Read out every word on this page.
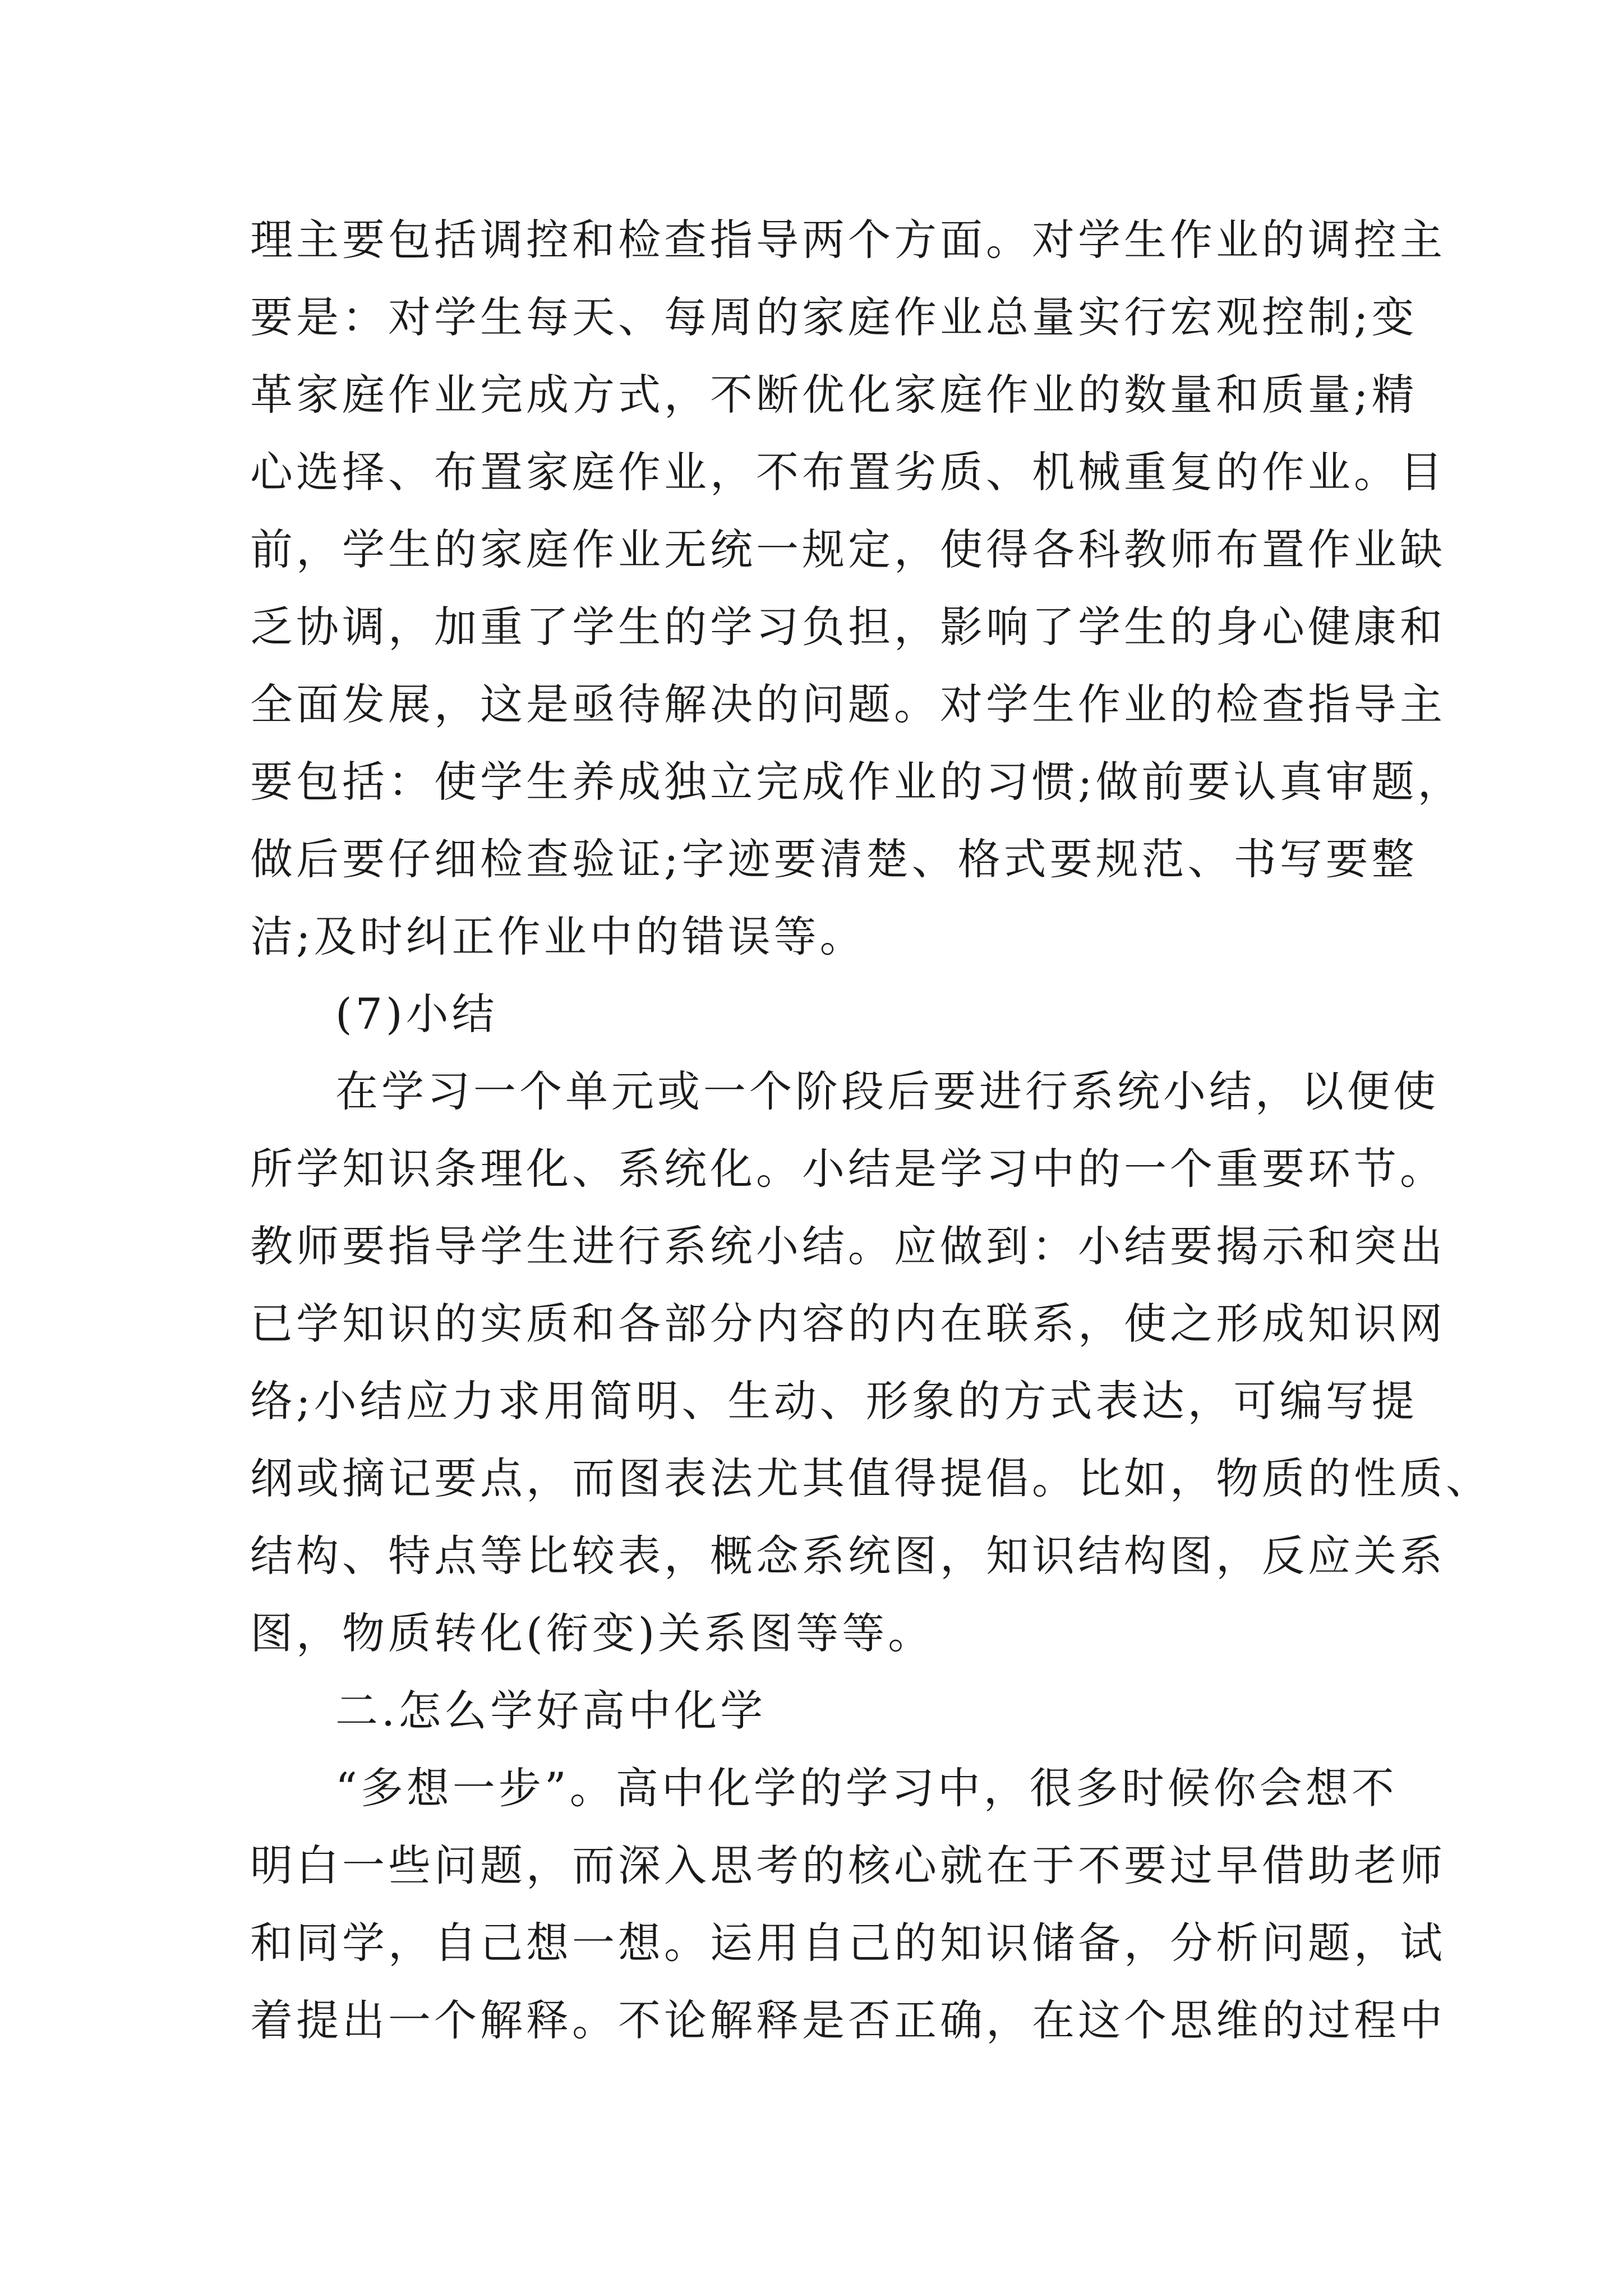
理主要包括调控和检查指导两个方面。对学生作业的调控主
要是：对学生每天、每周的家庭作业总量实行宏观控制;变
革家庭作业完成方式，不断优化家庭作业的数量和质量;精
心选择、布置家庭作业，不布置劣质、机械重复的作业。目
前，学生的家庭作业无统一规定，使得各科教师布置作业缺
乏协调，加重了学生的学习负担，影响了学生的身心健康和
全面发展，这是亟待解决的问题。对学生作业的检查指导主
要包括：使学生养成独立完成作业的习惯;做前要认真审题，
做后要仔细检查验证;字迹要清楚、格式要规范、书写要整
洁;及时纠正作业中的错误等。
(7)小结
在学习一个单元或一个阶段后要进行系统小结，以便使
所学知识条理化、系统化。小结是学习中的一个重要环节。
教师要指导学生进行系统小结。应做到：小结要揭示和突出
已学知识的实质和各部分内容的内在联系，使之形成知识网
络;小结应力求用简明、生动、形象的方式表达，可编写提
纲或摘记要点，而图表法尤其值得提倡。比如，物质的性质、
结构、特点等比较表，概念系统图，知识结构图，反应关系
图，物质转化(衔变)关系图等等。
二.怎么学好高中化学
“多想一步”。高中化学的学习中，很多时候你会想不
明白一些问题，而深入思考的核心就在于不要过早借助老师
和同学，自己想一想。运用自己的知识储备，分析问题，试
着提出一个解释。不论解释是否正确，在这个思维的过程中
